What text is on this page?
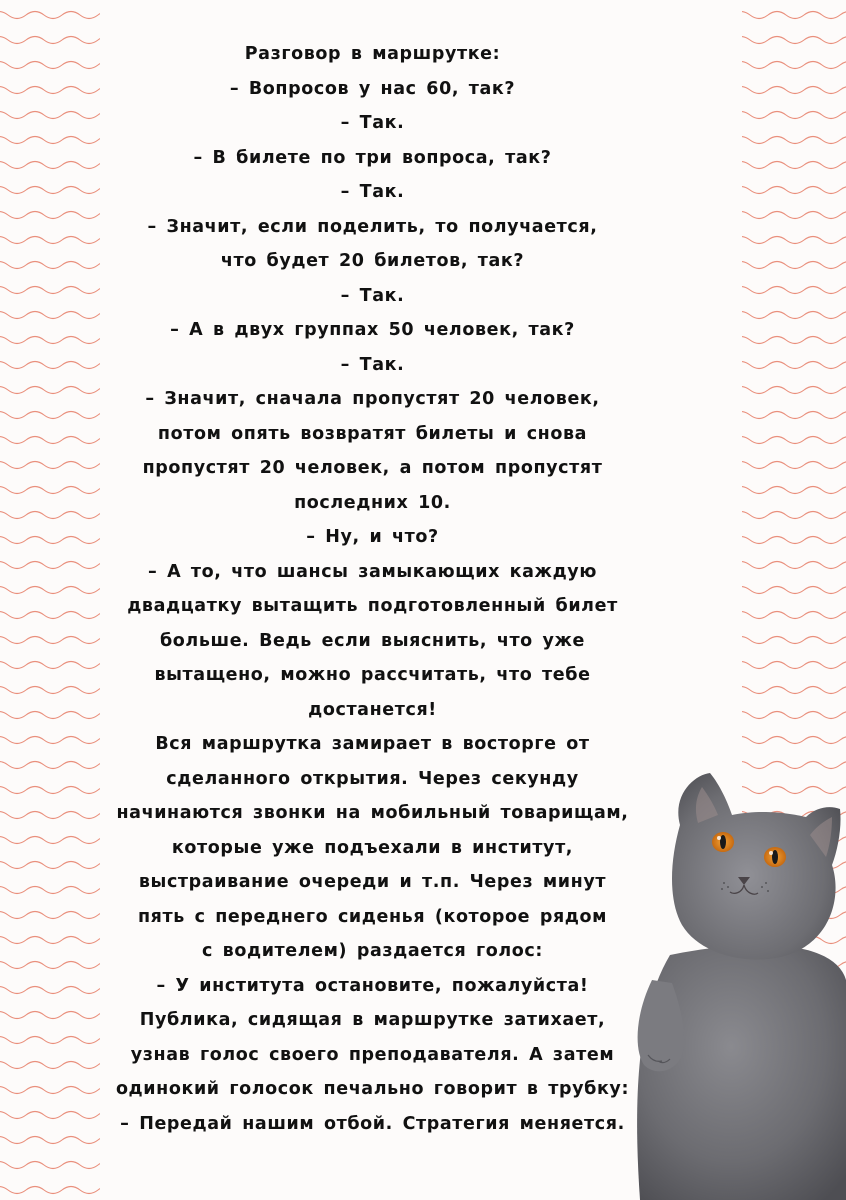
Разговор в маршрутке:
– Вопросов у нас 60, так?
– Так.
– В билете по три вопроса, так?
– Так.
– Значит, если поделить, то получается,
что будет 20 билетов, так?
– Так.
– А в двух группах 50 человек, так?
– Так.
– Значит, сначала пропустят 20 человек,
потом опять возвратят билеты и снова
пропустят 20 человек, а потом пропустят
последних 10.
– Ну, и что?
– А то, что шансы замыкающих каждую
двадцатку вытащить подготовленный билет
больше. Ведь если выяснить, что уже
вытащено, можно рассчитать, что тебе
достанется!
Вся маршрутка замирает в восторге от
сделанного открытия. Через секунду
начинаются звонки на мобильный товарищам,
которые уже подъехали в институт,
выстраивание очереди и т.п. Через минут
пять с переднего сиденья (которое рядом
с водителем) раздается голос:
– У института остановите, пожалуйста!
Публика, сидящая в маршрутке затихает,
узнав голос своего преподавателя. А затем
одинокий голосок печально говорит в трубку:
– Передай нашим отбой. Стратегия меняется.
